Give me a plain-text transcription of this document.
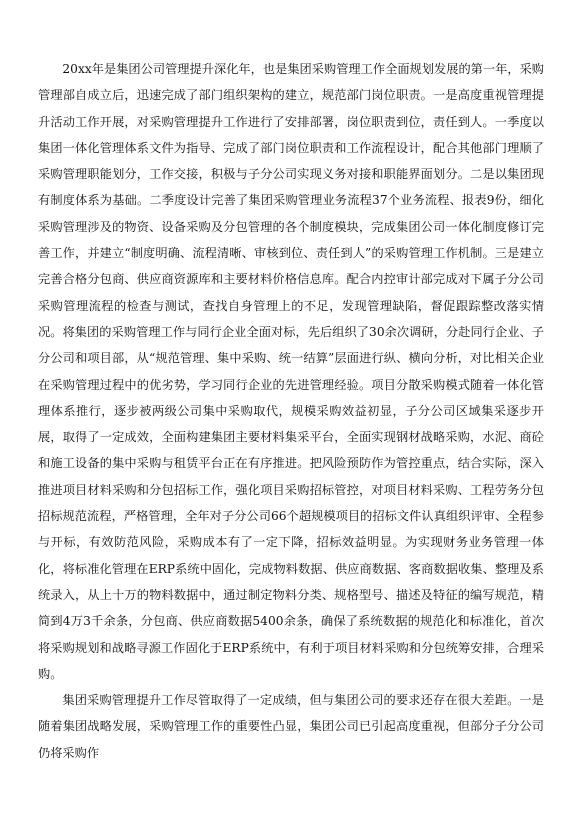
20xx年是集团公司管理提升深化年，也是集团采购管理工作全面规划发展的第一年，采购管理部自成立后，迅速完成了部门组织架构的建立，规范部门岗位职责。一是高度重视管理提升活动工作开展，对采购管理提升工作进行了安排部署，岗位职责到位，责任到人。一季度以集团一体化管理体系文件为指导、完成了部门岗位职责和工作流程设计，配合其他部门理顺了采购管理职能划分，工作交接，积极与子分公司实现义务对接和职能界面划分。二是以集团现有制度体系为基础。二季度设计完善了集团采购管理业务流程37个业务流程、报表9份，细化采购管理涉及的物资、设备采购及分包管理的各个制度模块，完成集团公司一体化制度修订完善工作，并建立“制度明确、流程清晰、审核到位、责任到人”的采购管理工作机制。三是建立完善合格分包商、供应商资源库和主要材料价格信息库。配合内控审计部完成对下属子分公司采购管理流程的检查与测试，查找自身管理上的不足，发现管理缺陷，督促跟踪整改落实情况。将集团的采购管理工作与同行企业全面对标，先后组织了30余次调研，分赴同行企业、子分公司和项目部，从“规范管理、集中采购、统一结算”层面进行纵、横向分析，对比相关企业在采购管理过程中的优劣势，学习同行企业的先进管理经验。项目分散采购模式随着一体化管理体系推行，逐步被两级公司集中采购取代，规模采购效益初显，子分公司区域集采逐步开展，取得了一定成效，全面构建集团主要材料集采平台，全面实现钢材战略采购，水泥、商砼和施工设备的集中采购与租赁平台正在有序推进。把风险预防作为管控重点，结合实际，深入推进项目材料采购和分包招标工作，强化项目采购招标管控，对项目材料采购、工程劳务分包招标规范流程，严格管理，全年对子分公司66个超规模项目的招标文件认真组织评审、全程参与开标，有效防范风险，采购成本有了一定下降，招标效益明显。为实现财务业务管理一体化，将标准化管理在ERP系统中固化，完成物料数据、供应商数据、客商数据收集、整理及系统录入，从上十万的物料数据中，通过制定物料分类、规格型号、描述及特征的编写规范，精简到4万3千余条，分包商、供应商数据5400余条，确保了系统数据的规范化和标准化，首次将采购规划和战略寻源工作固化于ERP系统中，有利于项目材料采购和分包统筹安排，合理采购。

集团采购管理提升工作尽管取得了一定成绩，但与集团公司的要求还存在很大差距。一是随着集团战略发展，采购管理工作的重要性凸显，集团公司已引起高度重视，但部分子分公司仍将采购作
